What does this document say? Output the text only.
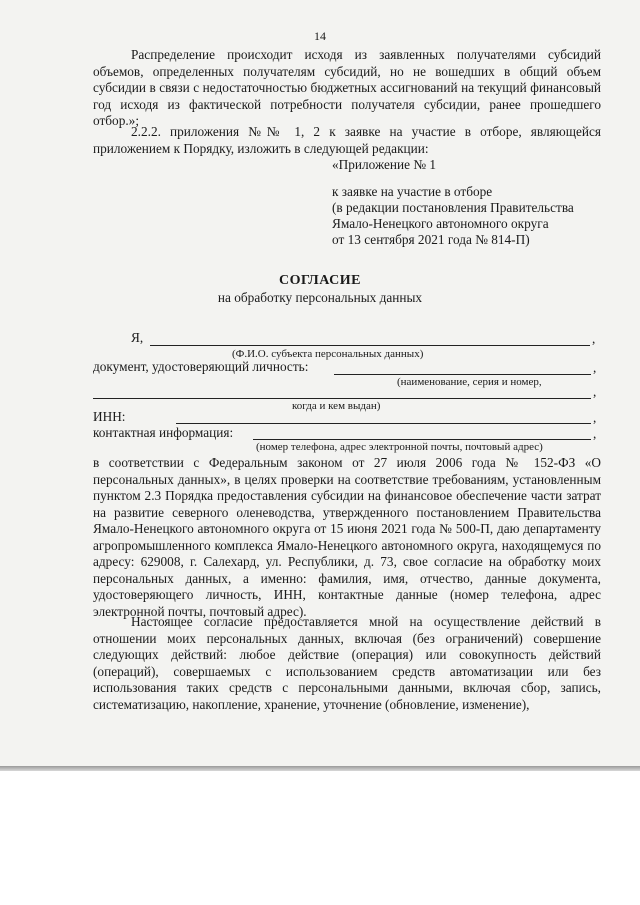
14

Распределение происходит исходя из заявленных получателями субсидий объемов, определенных получателям субсидий, но не вошедших в общий объем субсидии в связи с недостаточностью бюджетных ассигнований на текущий финансовый год исходя из фактической потребности получателя субсидии, ранее прошедшего отбор.»;

2.2.2. приложения №№ 1, 2 к заявке на участие в отборе, являющейся приложением к Порядку, изложить в следующей редакции:

«Приложение № 1
к заявке на участие в отборе
(в редакции постановления Правительства
Ямало-Ненецкого автономного округа
от 13 сентября 2021 года № 814-П)
СОГЛАСИЕ
на обработку персональных данных
Я,	,
(Ф.И.О. субъекта персональных данных)
документ, удостоверяющий личность:	,
(наименование, серия и номер,
,
когда и кем выдан)
ИНН:	,
контактная информация:	,
(номер телефона, адрес электронной почты, почтовый адрес)

в соответствии с Федеральным законом от 27 июля 2006 года № 152-ФЗ «О персональных данных», в целях проверки на соответствие требованиям, установленным пунктом 2.3 Порядка предоставления субсидии на финансовое обеспечение части затрат на развитие северного оленеводства, утвержденного постановлением Правительства Ямало-Ненецкого автономного округа от 15 июня 2021 года № 500-П, даю департаменту агропромышленного комплекса Ямало-Ненецкого автономного округа, находящемуся по адресу: 629008, г. Салехард, ул. Республики, д. 73, свое согласие на обработку моих персональных данных, а именно: фамилия, имя, отчество, данные документа, удостоверяющего личность, ИНН, контактные данные (номер телефона, адрес электронной почты, почтовый адрес).

Настоящее согласие предоставляется мной на осуществление действий в отношении моих персональных данных, включая (без ограничений) совершение следующих действий: любое действие (операция) или совокупность действий (операций), совершаемых с использованием средств автоматизации или без использования таких средств с персональными данными, включая сбор, запись, систематизацию, накопление, хранение, уточнение (обновление, изменение),
